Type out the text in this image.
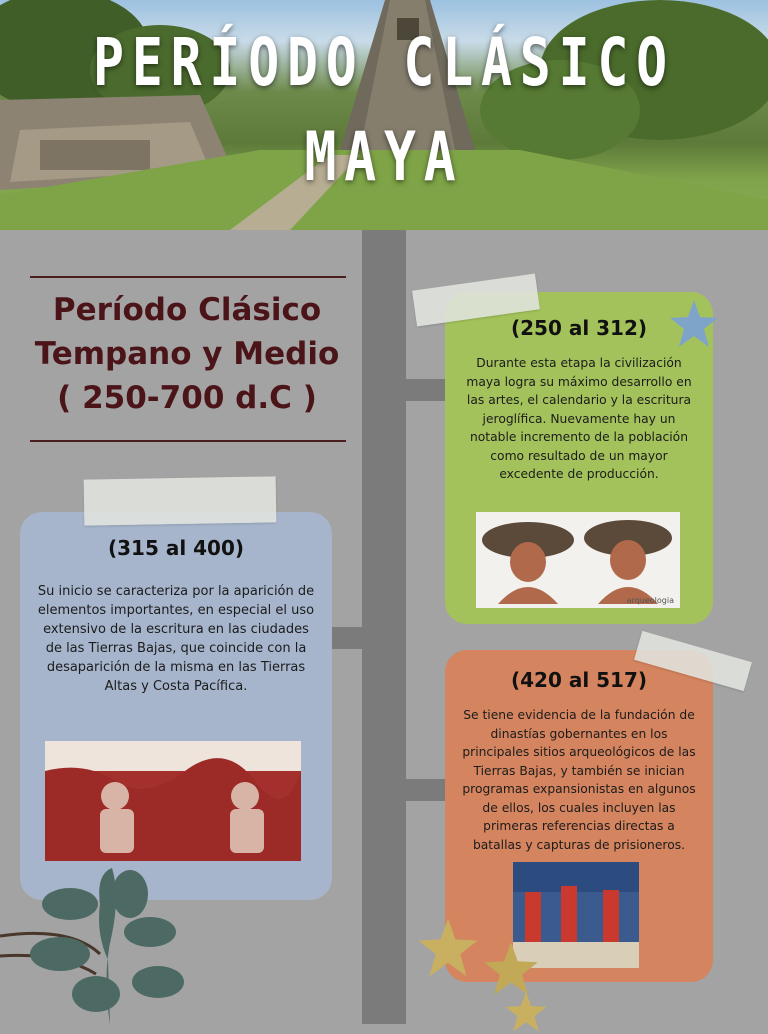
PERÍODO CLÁSICO
MAYA
Período Clásico
Tempano y Medio
( 250-700 d.C )
(250 al 312)
Durante esta etapa la civilización maya logra su máximo desarrollo en las artes, el calendario y la escritura jeroglífica. Nuevamente hay un notable incremento de la población como resultado de un mayor excedente de producción.
arqueologia
(315 al 400)
Su inicio se caracteriza por la aparición de elementos importantes, en especial el uso extensivo de la escritura en las ciudades de las Tierras Bajas, que coincide con la desaparición de la misma en las Tierras Altas y Costa Pacífica.	(420 al 517)
Se tiene evidencia de la fundación de dinastías gobernantes en los principales sitios arqueológicos de las Tierras Bajas, y también se inician programas expansionistas en algunos de ellos, los cuales incluyen las primeras referencias directas a batallas y capturas de prisioneros.
